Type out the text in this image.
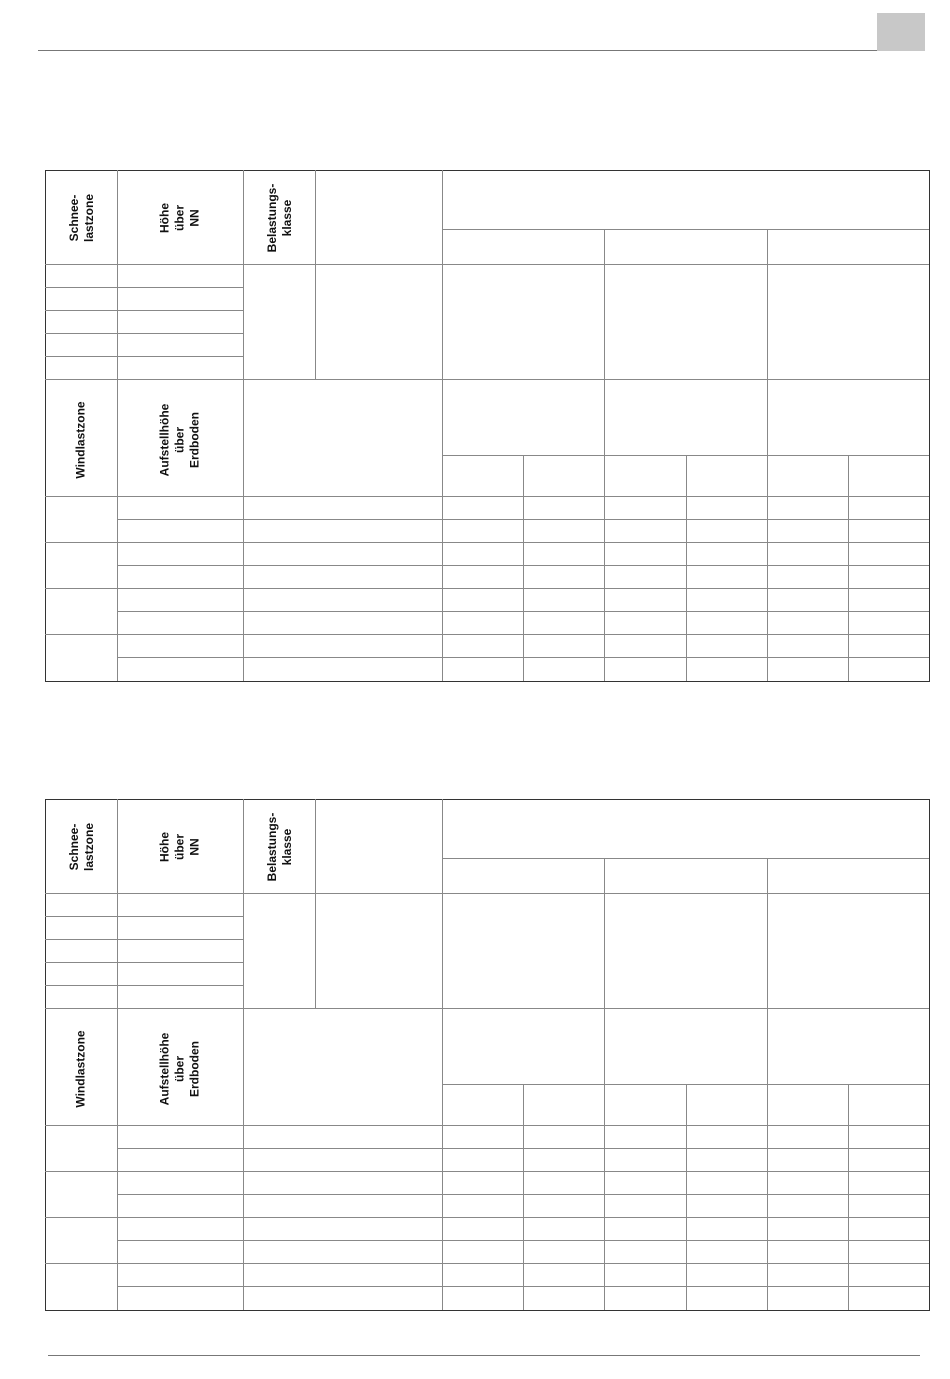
Schnee-
lastzone	Höhe
über
NN	Belastungs-
klasse
Windlastzone	Aufstellhöhe
über
Erdboden
Schnee-
lastzone	Höhe
über
NN	Belastungs-
klasse
Windlastzone	Aufstellhöhe
über
Erdboden
